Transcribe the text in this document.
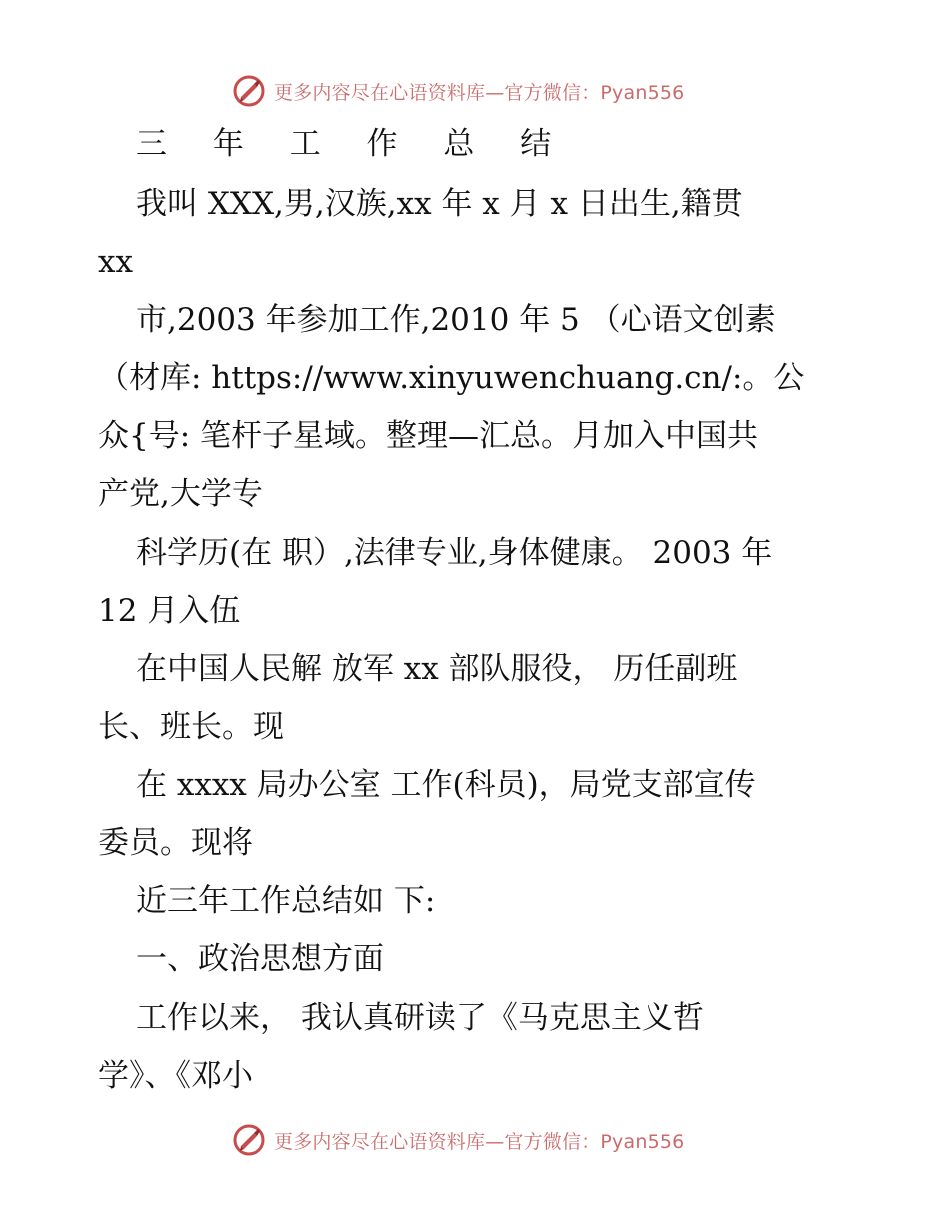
更多内容尽在心语资料库—官方微信：Pyan556
三 年 工 作 总 结
我叫 XXX,男,汉族,xx 年 x 月 x 日出生,籍贯
xx
市,2003 年参加工作,2010 年 5 （心语文创素
（材库: https://www.xinyuwenchuang.cn/:。公
众{号: 笔杆子星域。整理—汇总。月加入中国共
产党,大学专
科学历(在 职）,法律专业,身体健康。 2003 年
12 月入伍
在中国人民解 放军 xx 部队服役， 历任副班
长、班长。现
在 xxxx 局办公室 工作(科员)，局党支部宣传
委员。现将
近三年工作总结如 下:
一、政治思想方面
工作以来， 我认真研读了《马克思主义哲
学》、《邓小
更多内容尽在心语资料库—官方微信：Pyan556
